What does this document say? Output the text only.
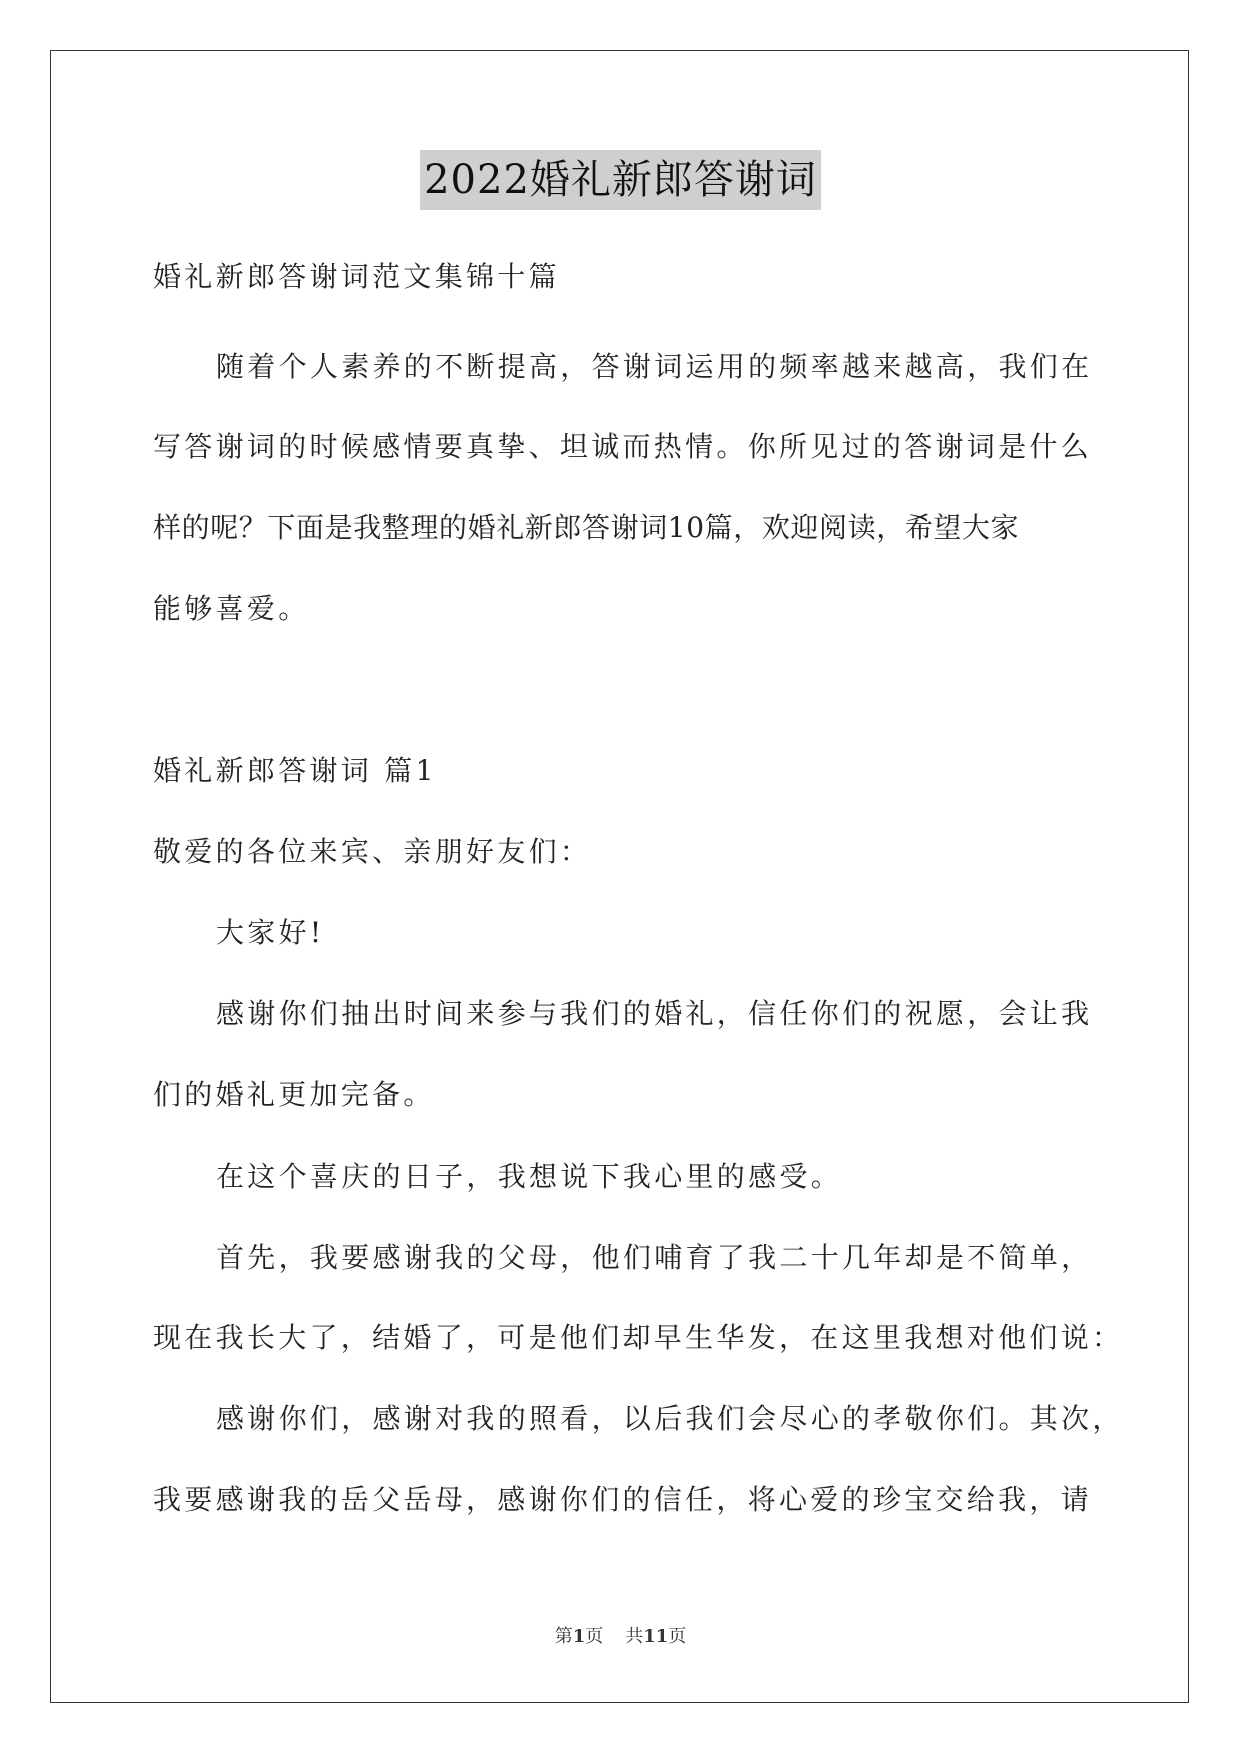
2022婚礼新郎答谢词
婚礼新郎答谢词范文集锦十篇
随着个人素养的不断提高，答谢词运用的频率越来越高，我们在
写答谢词的时候感情要真挚、坦诚而热情。你所见过的答谢词是什么
样的呢？下面是我整理的婚礼新郎答谢词10篇，欢迎阅读，希望大家
能够喜爱。
婚礼新郎答谢词 篇1
敬爱的各位来宾、亲朋好友们：
大家好!
感谢你们抽出时间来参与我们的婚礼，信任你们的祝愿，会让我
们的婚礼更加完备。
在这个喜庆的日子，我想说下我心里的感受。
首先，我要感谢我的父母，他们哺育了我二十几年却是不简单，
现在我长大了，结婚了，可是他们却早生华发，在这里我想对他们说：
感谢你们，感谢对我的照看，以后我们会尽心的孝敬你们。其次，
我要感谢我的岳父岳母，感谢你们的信任，将心爱的珍宝交给我，请
第1页 共11页
